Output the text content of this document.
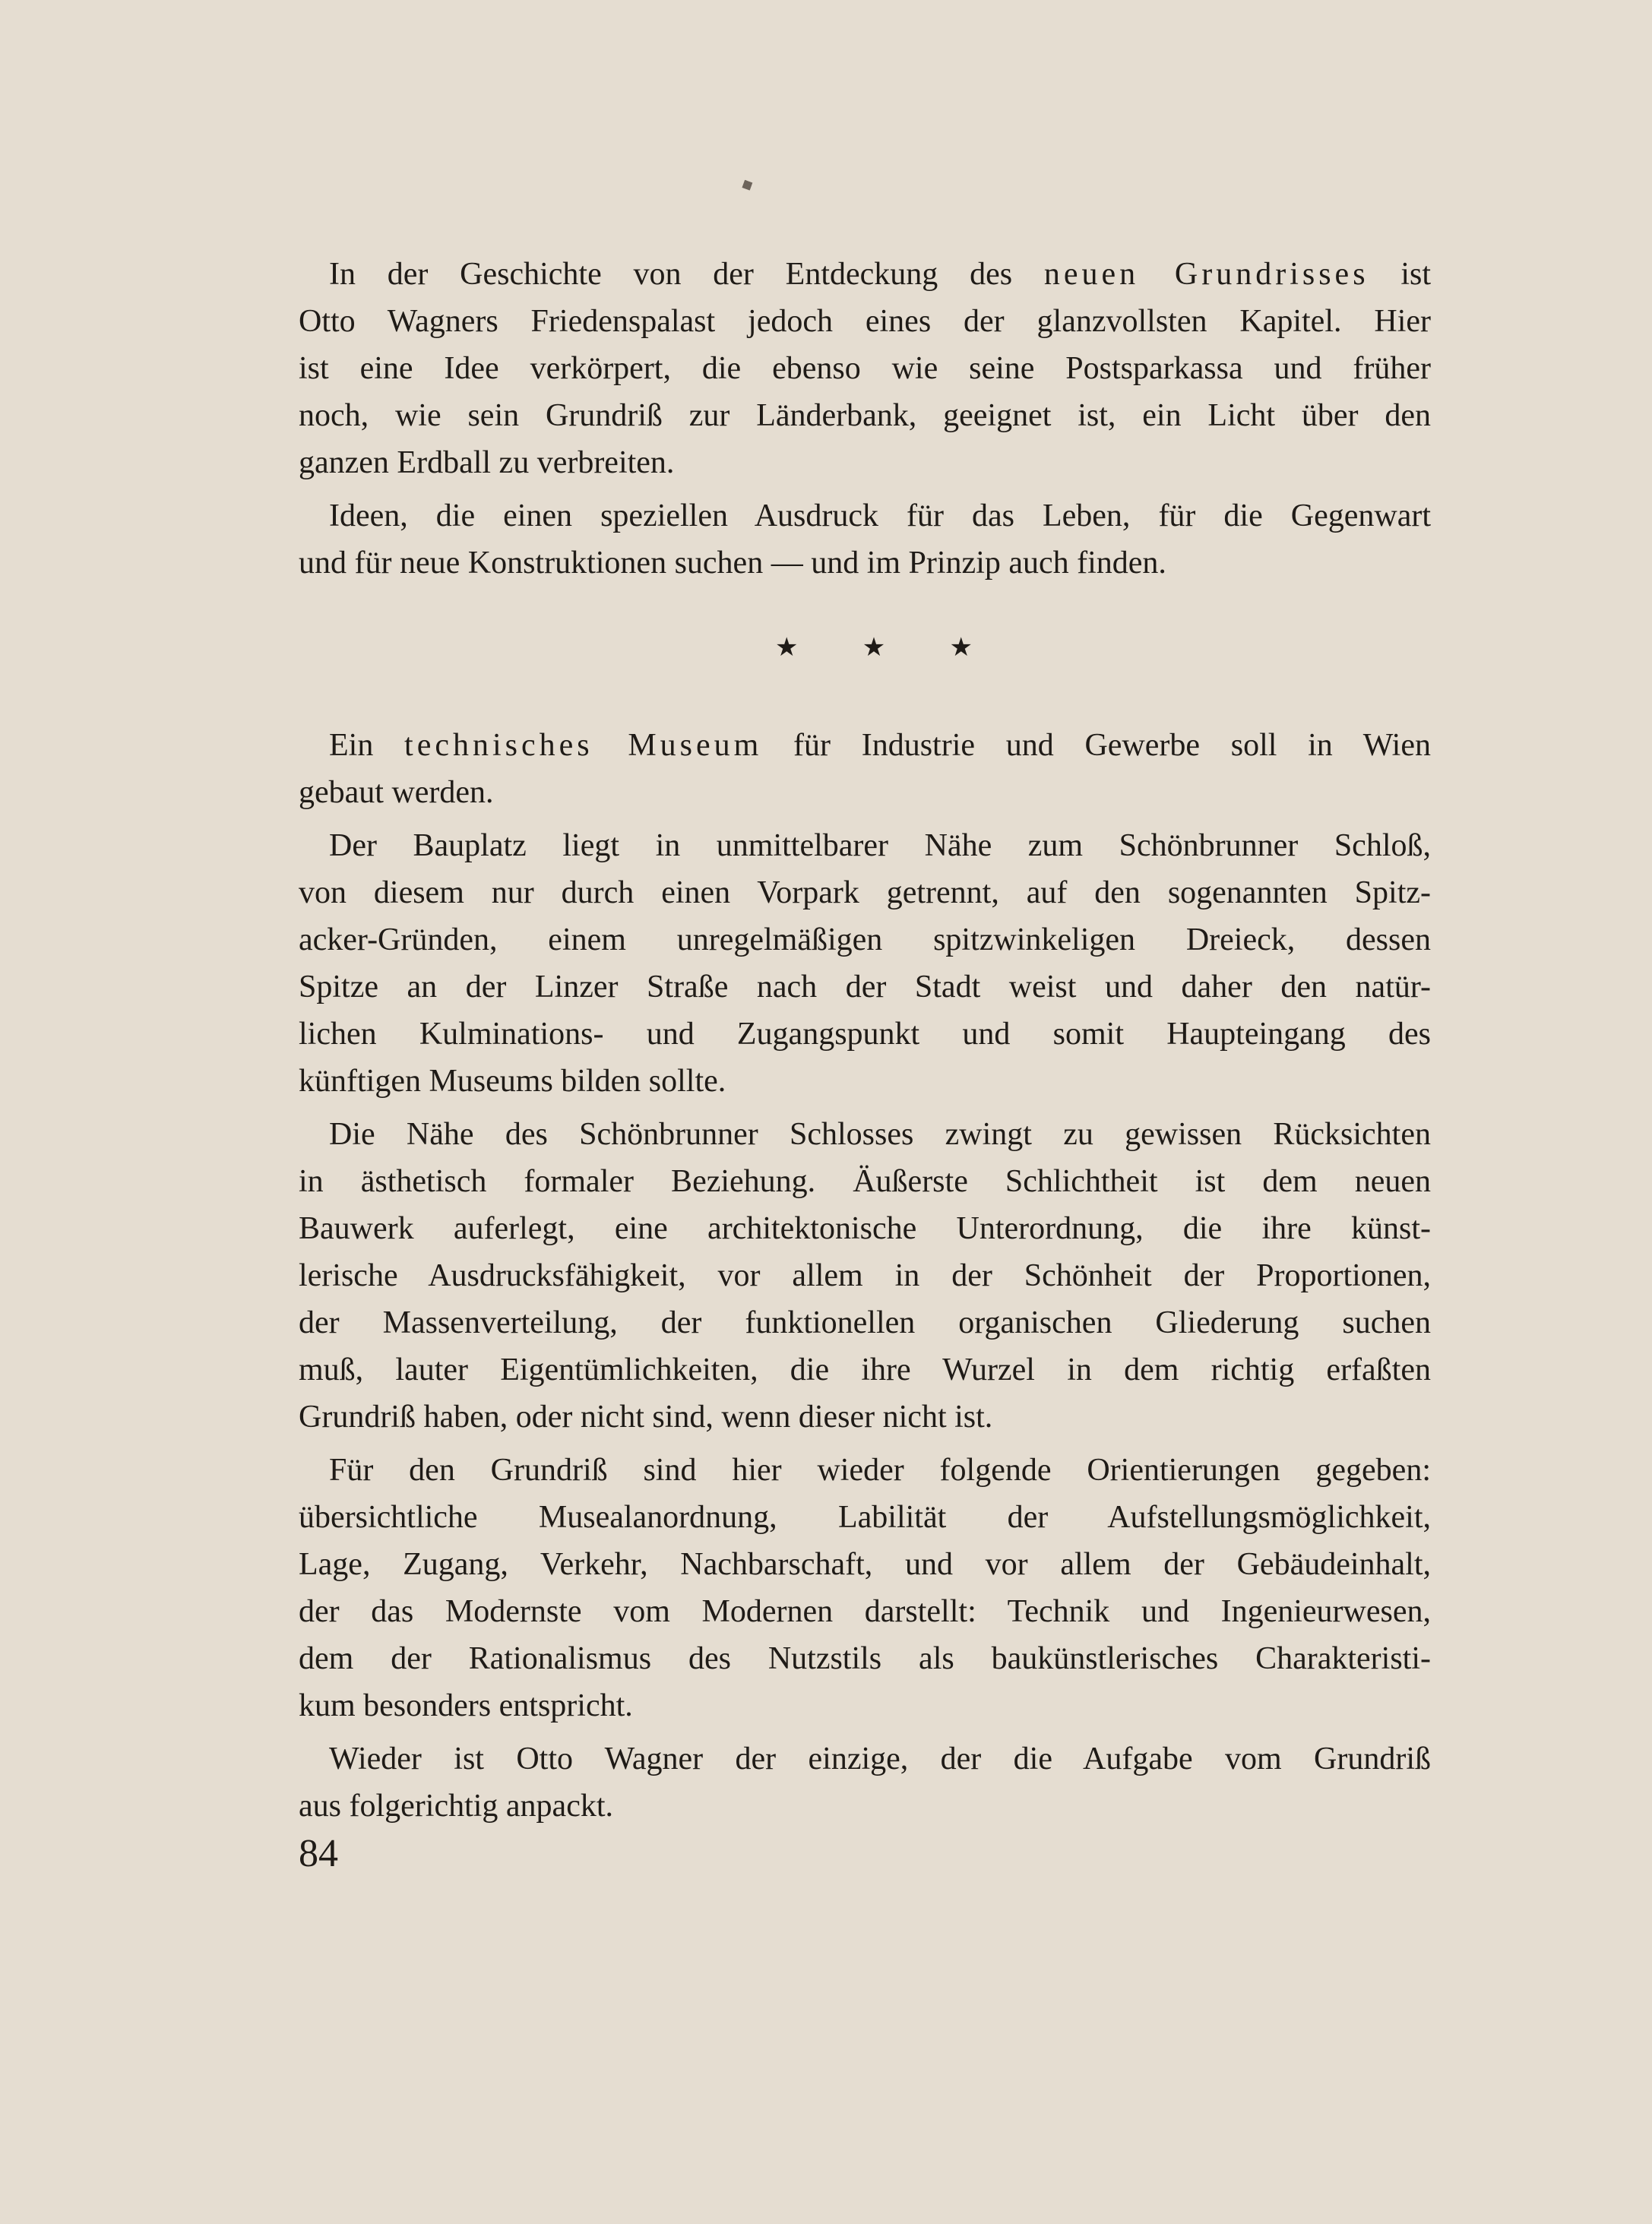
◆
In der Geschichte von der Entdeckung des neuen Grundrisses ist
Otto Wagners Friedenspalast jedoch eines der glanzvollsten Kapitel. Hier
ist eine Idee verkörpert, die ebenso wie seine Postsparkassa und früher
noch, wie sein Grundriß zur Länderbank, geeignet ist, ein Licht über den
ganzen Erdball zu verbreiten.
Ideen, die einen speziellen Ausdruck für das Leben, für die Gegenwart
und für neue Konstruktionen suchen — und im Prinzip auch finden.
★ ★ ★
Ein technisches Museum für Industrie und Gewerbe soll in Wien
gebaut werden.
Der Bauplatz liegt in unmittelbarer Nähe zum Schönbrunner Schloß,
von diesem nur durch einen Vorpark getrennt, auf den sogenannten Spitz-
acker-Gründen, einem unregelmäßigen spitzwinkeligen Dreieck, dessen
Spitze an der Linzer Straße nach der Stadt weist und daher den natür-
lichen Kulminations- und Zugangspunkt und somit Haupteingang des
künftigen Museums bilden sollte.
Die Nähe des Schönbrunner Schlosses zwingt zu gewissen Rücksichten
in ästhetisch formaler Beziehung. Äußerste Schlichtheit ist dem neuen
Bauwerk auferlegt, eine architektonische Unterordnung, die ihre künst-
lerische Ausdrucksfähigkeit, vor allem in der Schönheit der Proportionen,
der Massenverteilung, der funktionellen organischen Gliederung suchen
muß, lauter Eigentümlichkeiten, die ihre Wurzel in dem richtig erfaßten
Grundriß haben, oder nicht sind, wenn dieser nicht ist.
Für den Grundriß sind hier wieder folgende Orientierungen gegeben:
übersichtliche Musealanordnung, Labilität der Aufstellungsmöglichkeit,
Lage, Zugang, Verkehr, Nachbarschaft, und vor allem der Gebäudeinhalt,
der das Modernste vom Modernen darstellt: Technik und Ingenieurwesen,
dem der Rationalismus des Nutzstils als baukünstlerisches Charakteristi-
kum besonders entspricht.
Wieder ist Otto Wagner der einzige, der die Aufgabe vom Grundriß
aus folgerichtig anpackt.
84
